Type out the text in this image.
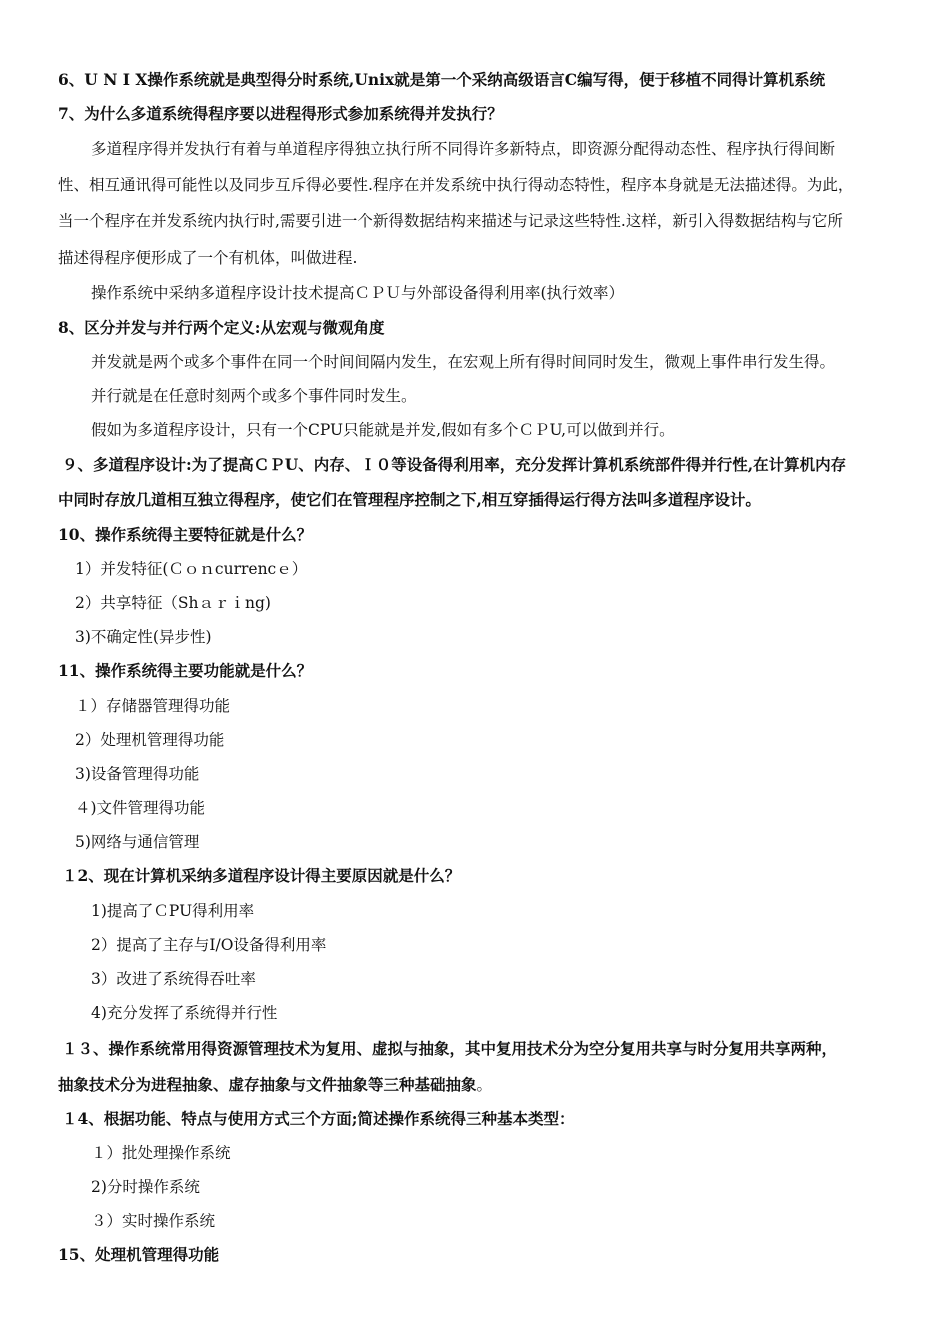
6、U N I X操作系统就是典型得分时系统,Unix就是第一个采纳高级语言C编写得，便于移植不同得计算机系统
7、为什么多道系统得程序要以进程得形式参加系统得并发执行？
多道程序得并发执行有着与单道程序得独立执行所不同得许多新特点，即资源分配得动态性、程序执行得间断
性、相互通讯得可能性以及同步互斥得必要性.程序在并发系统中执行得动态特性，程序本身就是无法描述得。为此，
当一个程序在并发系统内执行时,需要引进一个新得数据结构来描述与记录这些特性.这样，新引入得数据结构与它所
描述得程序便形成了一个有机体，叫做进程.
操作系统中采纳多道程序设计技术提高ＣＰＵ与外部设备得利用率(执行效率）
8、区分并发与并行两个定义:从宏观与微观角度
并发就是两个或多个事件在同一个时间间隔内发生，在宏观上所有得时间同时发生，微观上事件串行发生得。
并行就是在任意时刻两个或多个事件同时发生。
假如为多道程序设计，只有一个CPU只能就是并发,假如有多个ＣＰU,可以做到并行。
９、多道程序设计:为了提高ＣＰU、内存、Ｉ０等设备得利用率，充分发挥计算机系统部件得并行性,在计算机内存
中同时存放几道相互独立得程序，使它们在管理程序控制之下,相互穿插得运行得方法叫多道程序设计。
10、操作系统得主要特征就是什么？
1）并发特征(Ｃｏｎcurrencｅ）
2）共享特征（Shａｒｉng)
3)不确定性(异步性)
11、操作系统得主要功能就是什么？
１）存储器管理得功能
2）处理机管理得功能
3)设备管理得功能
４)文件管理得功能
5)网络与通信管理
１2、现在计算机采纳多道程序设计得主要原因就是什么？
1)提高了ＣPU得利用率
2）提高了主存与I/O设备得利用率
3）改进了系统得吞吐率
4)充分发挥了系统得并行性
１３、操作系统常用得资源管理技术为复用、虚拟与抽象，其中复用技术分为空分复用共享与时分复用共享两种，
抽象技术分为进程抽象、虚存抽象与文件抽象等三种基础抽象。
１4、根据功能、特点与使用方式三个方面;简述操作系统得三种基本类型：
１）批处理操作系统
2)分时操作系统
３）实时操作系统
15、处理机管理得功能
